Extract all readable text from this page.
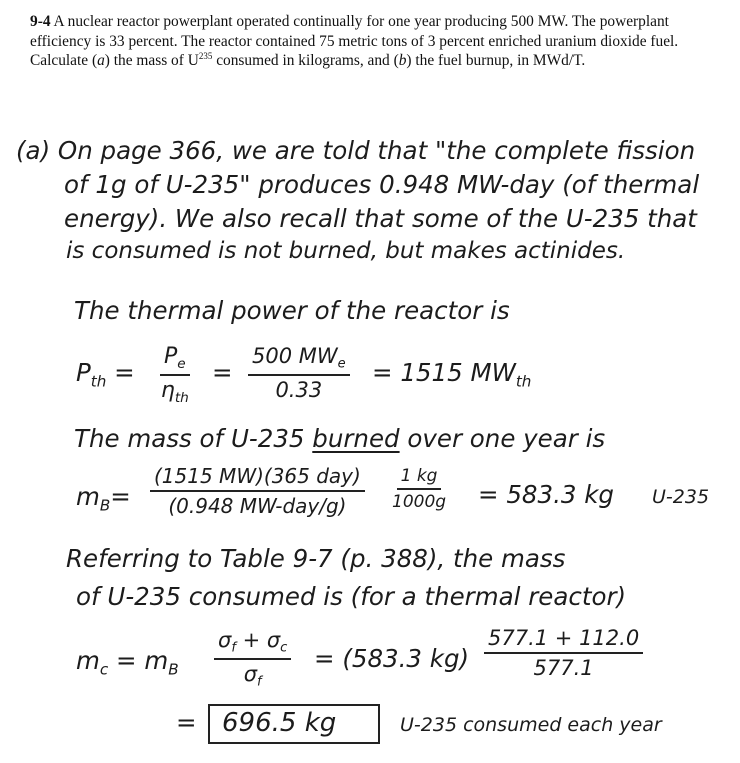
9-4 A nuclear reactor powerplant operated continually for one year producing 500 MW. The powerplant efficiency is 33 percent. The reactor contained 75 metric tons of 3 percent enriched uranium dioxide fuel. Calculate (a) the mass of $U^{235}$ consumed in kilograms, and (b) the fuel burnup, in MWd/T.
(a) On page 366, we are told that "the complete fission
of 1g of U-235" produces 0.948 MW-day (of thermal
energy). We also recall that some of the U-235 that
is consumed is not burned, but makes actinides.
The thermal power of the reactor is
$P_{th}$ =
$P_e$
$\eta_{th}$
=
500 $MW_e$
0.33
= 1515 $MW_{th}$
The mass of U-235 burned over one year is
$m_B=$
(1515 MW)(365 day)
(0.948 MW-day/g)	$\frac{1 kg}{1000g} = 583.3$ kg U-235
Referring to Table 9-7 (p. 388), the mass
of U-235 consumed is (for a thermal reactor)
$m_c = m_B \frac{\sigma_f + \sigma_c}{\sigma_f} = (583.3$ $kg) \frac{577.1 + 112.0}{577.1}$
= 696.5 kg	U-235 consumed each year
